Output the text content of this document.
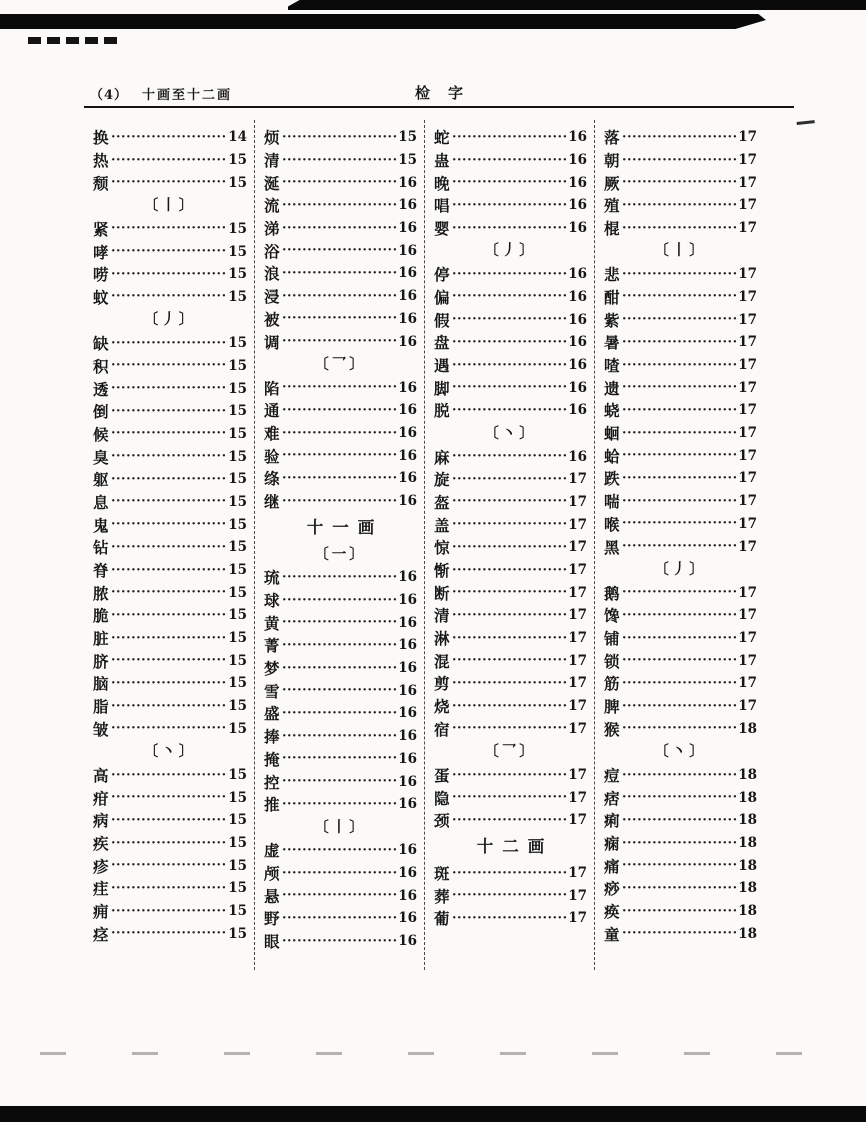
（4） 十画至十二画	检字
换 ·····	14
热 ·····	15
颓 ·····	15
〔丨〕
紧 ·····	15
哮 ·····	15
唠 ·····	15
蚊 ·····	15
〔丿〕
缺 ·····	15
积 ·····	15
透 ·····	15
倒 ·····	15
候 ·····	15
臭 ·····	15
躯 ·····	15
息 ·····	15
鬼 ·····	15
钻 ·····	15
脊 ·····	15
脓 ·····	15
脆 ·····	15
脏 ·····	15
脐 ·····	15
脑 ·····	15
脂 ·····	15
皱 ·····	15
〔丶〕
高 ·····	15
疳 ·····	15
病 ·····	15
疾 ·····	15
疹 ·····	15
疰 ·····	15
痈 ·····	15
痉 ·····	15
烦 ·····	15
清 ·····	15
涎 ·····	16
流 ·····	16
涕 ·····	16
浴 ·····	16
浪 ·····	16
浸 ·····	16
被 ·····	16
调 ·····	16
〔乛〕
陷 ·····	16
通 ·····	16
难 ·····	16
验 ·····	16
绦 ·····	16
继 ·····	16
十一画
〔一〕
琉 ·····	16
球 ·····	16
黄 ·····	16
菁 ·····	16
梦 ·····	16
雪 ·····	16
盛 ·····	16
捧 ·····	16
掩 ·····	16
控 ·····	16
推 ·····	16
〔丨〕
虚 ·····	16
颅 ·····	16
悬 ·····	16
野 ·····	16
眼 ·····	16
蛇 ·····	16
蛊 ·····	16
晚 ·····	16
唱 ·····	16
婴 ·····	16
〔丿〕
停 ·····	16
偏 ·····	16
假 ·····	16
盘 ·····	16
遇 ·····	16
脚 ·····	16
脱 ·····	16
〔丶〕
麻 ·····	16
旋 ·····	17
盔 ·····	17
盖 ·····	17
惊 ·····	17
惭 ·····	17
断 ·····	17
清 ·····	17
淋 ·····	17
混 ·····	17
剪 ·····	17
烧 ·····	17
宿 ·····	17
〔乛〕
蛋 ·····	17
隐 ·····	17
颈 ·····	17
十二画
斑 ·····	17
葬 ·····	17
葡 ·····	17
落 ·····	17
朝 ·····	17
厥 ·····	17
殖 ·····	17
棍 ·····	17
〔丨〕
悲 ·····	17
酣 ·····	17
紫 ·····	17
暑 ·····	17
喳 ·····	17
遗 ·····	17
蛲 ·····	17
蛔 ·····	17
蛤 ·····	17
跌 ·····	17
喘 ·····	17
喉 ·····	17
黑 ·····	17
〔丿〕
鹅 ·····	17
馋 ·····	17
铺 ·····	17
锁 ·····	17
筋 ·····	17
脾 ·····	17
猴 ·····	18
〔丶〕
痘 ·····	18
痞 ·····	18
痢 ·····	18
痫 ·····	18
痛 ·····	18
痧 ·····	18
痪 ·····	18
童 ·····	18
